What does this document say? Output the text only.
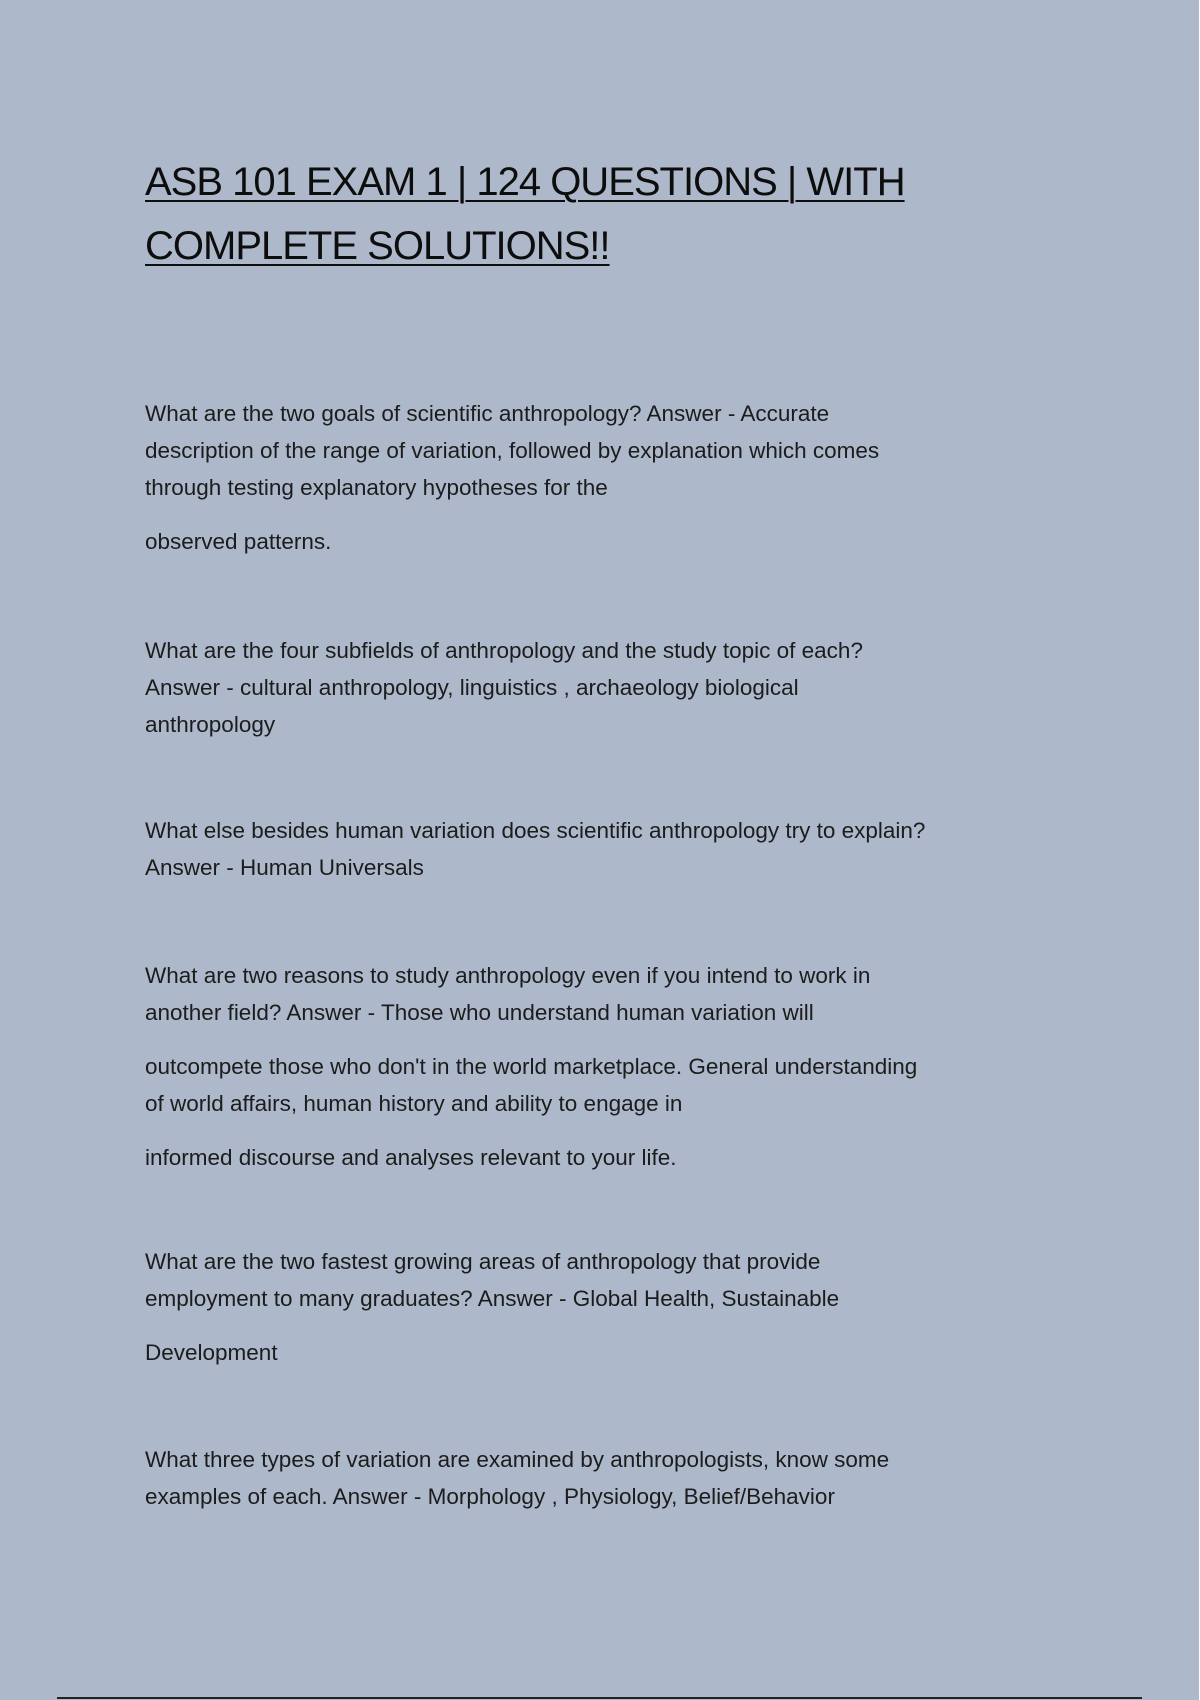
ASB 101 EXAM 1 | 124 QUESTIONS | WITH
COMPLETE SOLUTIONS!!

What are the two goals of scientific anthropology? Answer - Accurate
description of the range of variation, followed by explanation which comes
through testing explanatory hypotheses for the
observed patterns.

What are the four subfields of anthropology and the study topic of each?
Answer - cultural anthropology, linguistics , archaeology biological
anthropology

What else besides human variation does scientific anthropology try to explain?
Answer - Human Universals

What are two reasons to study anthropology even if you intend to work in
another field? Answer - Those who understand human variation will
outcompete those who don't in the world marketplace. General understanding
of world affairs, human history and ability to engage in
informed discourse and analyses relevant to your life.

What are the two fastest growing areas of anthropology that provide
employment to many graduates? Answer - Global Health, Sustainable
Development

What three types of variation are examined by anthropologists, know some
examples of each. Answer - Morphology , Physiology, Belief/Behavior
